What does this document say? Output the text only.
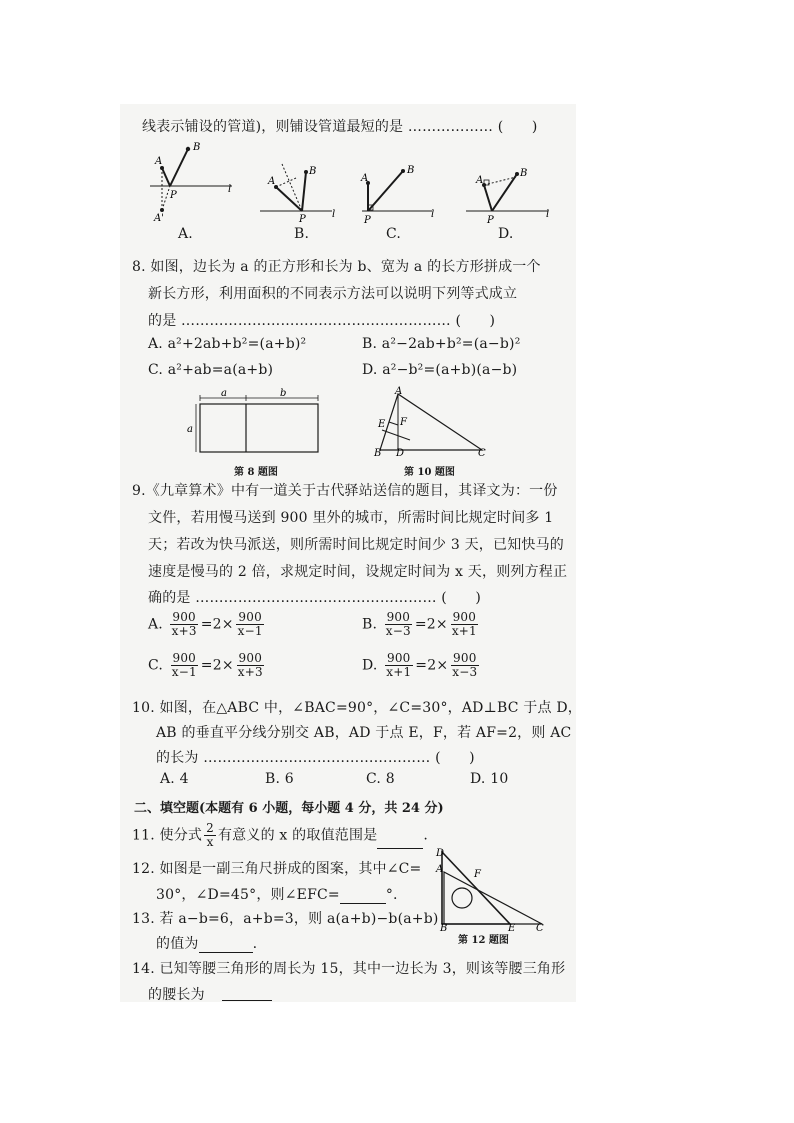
线表示铺设的管道)，则铺设管道最短的是 ……………… (　　)
l
B
A
P
A'
A.
l
A
B
P
B.
l
A
B
P
C.
l
A
B
P
D.
8. 如图，边长为 a 的正方形和长为 b、宽为 a 的长方形拼成一个
新长方形，利用面积的不同表示方法可以说明下列等式成立
的是 ………………………………………………… (　　)
A. a²+2ab+b²=(a+b)²	B. a²−2ab+b²=(a−b)²
C. a²+ab=a(a+b)	D. a²−b²=(a+b)(a−b)
a	b
a
第 8 题图
A
E F
B D	C
第 10 题图
9.《九章算术》中有一道关于古代驿站送信的题目，其译文为：一份
文件，若用慢马送到 900 里外的城市，所需时间比规定时间多 1
天；若改为快马派送，则所需时间比规定时间少 3 天，已知快马的
速度是慢马的 2 倍，求规定时间，设规定时间为 x 天，则列方程正
确的是 …………………………………………… (　　)
A. $\frac{900}{x+3} =2\times \frac{900}{x-1}$	B. $\frac{900}{x-3} =2\times \frac{900}{x+1}$
C. $\frac{900}{x-1} =2\times \frac{900}{x+3}$	D. $\frac{900}{x+1} =2\times \frac{900}{x-3}$
10. 如图，在△ABC 中，∠BAC=90°，∠C=30°，AD⊥BC 于点 D，
AB 的垂直平分线分别交 AB，AD 于点 E，F，若 AF=2，则 AC
的长为 ………………………………………… (　　)
A. 4	B. 6	C. 8	D. 10
二、填空题(本题有 6 小题，每小题 4 分，共 24 分)
11. 使分式 $\frac{2}{x}$ 有意义的 x 的取值范围是	.
12. 如图是一副三角尺拼成的图案，其中∠C=
30°，∠D=45°，则∠EFC=	°.
D
A	F
B	E C
第 12 题图
13. 若 a−b=6，a+b=3，则 a(a+b)−b(a+b)
的值为	.
14. 已知等腰三角形的周长为 15，其中一边长为 3，则该等腰三角形
的腰长为
